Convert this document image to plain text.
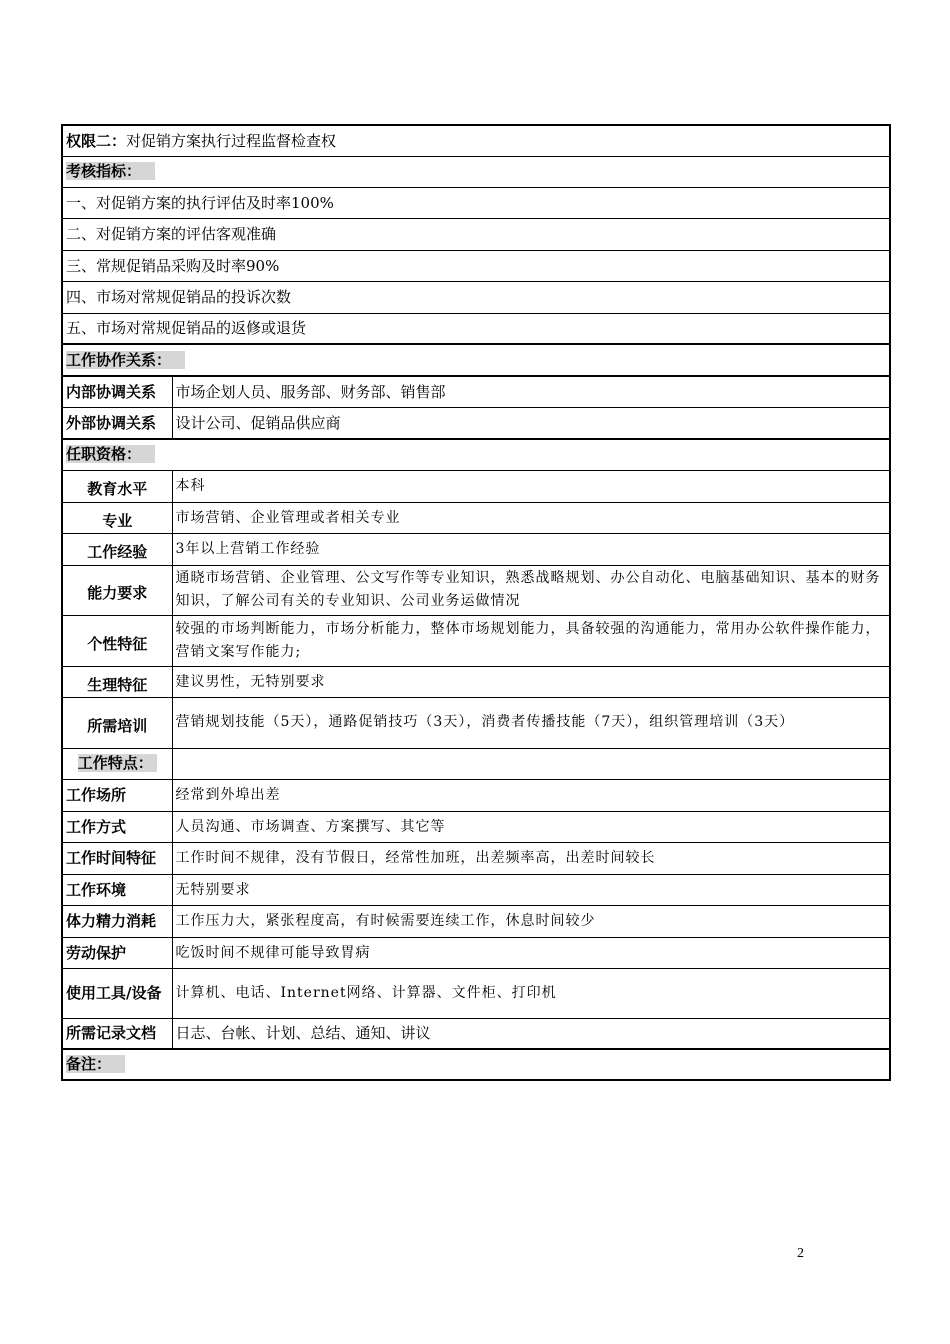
权限二：对促销方案执行过程监督检查权	
考核指标：	
一、对促销方案的执行评估及时率100%	
二、对促销方案的评估客观准确	
三、常规促销品采购及时率90%	
四、市场对常规促销品的投诉次数	
五、市场对常规促销品的返修或退货	
工作协作关系：	
内部协调关系	市场企划人员、服务部、财务部、销售部
外部协调关系	设计公司、促销品供应商
任职资格：	
教育水平	本科
专业	市场营销、企业管理或者相关专业
工作经验	3年以上营销工作经验
能力要求	通晓市场营销、企业管理、公文写作等专业知识，熟悉战略规划、办公自动化、电脑基础知识、基本的财务知识，了解公司有关的专业知识、公司业务运做情况
个性特征	较强的市场判断能力，市场分析能力，整体市场规划能力，具备较强的沟通能力，常用办公软件操作能力，营销文案写作能力;
生理特征	建议男性，无特别要求
所需培训	营销规划技能（5天），通路促销技巧（3天），消费者传播技能（7天），组织管理培训（3天）
工作特点：	
工作场所	经常到外埠出差
工作方式	人员沟通、市场调查、方案撰写、其它等
工作时间特征	工作时间不规律，没有节假日，经常性加班，出差频率高，出差时间较长
工作环境	无特别要求
体力精力消耗	工作压力大，紧张程度高，有时候需要连续工作，休息时间较少
劳动保护	吃饭时间不规律可能导致胃病
使用工具/设备	计算机、电话、Internet网络、计算器、文件柜、打印机
所需记录文档	日志、台帐、计划、总结、通知、讲议
备注：	
2
